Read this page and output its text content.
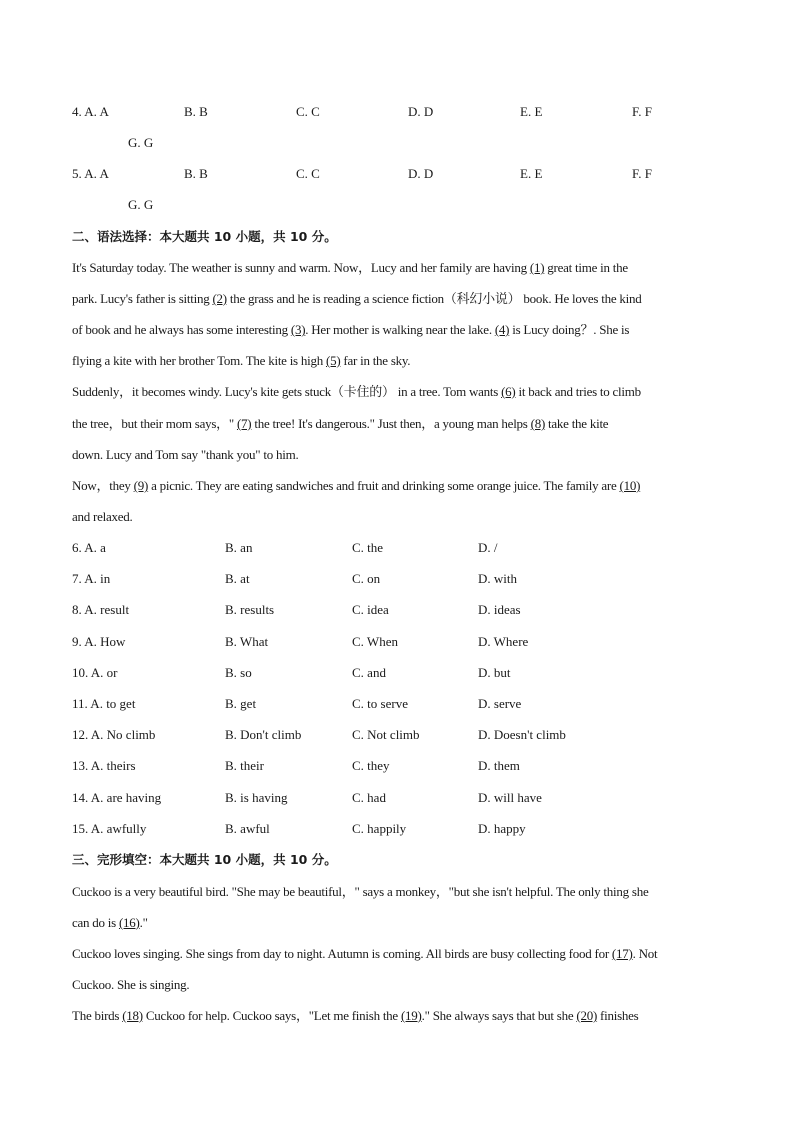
4. A. A	B. B	C. C	D. D	E. E	F. F
G. G
5. A. A	B. B	C. C	D. D	E. E	F. F
G. G
二、语法选择：本大题共 10 小题，共 10 分。
It's Saturday today. The weather is sunny and warm. Now，Lucy and her family are having (1) great time in the
park. Lucy's father is sitting (2) the grass and he is reading a science fiction（科幻小说） book. He loves the kind
of book and he always has some interesting (3). Her mother is walking near the lake. (4) is Lucy doing？. She is
flying a kite with her brother Tom. The kite is high (5) far in the sky.
Suddenly，it becomes windy. Lucy's kite gets stuck（卡住的） in a tree. Tom wants (6) it back and tries to climb
the tree，but their mom says，" (7) the tree! It's dangerous." Just then，a young man helps (8) take the kite
down. Lucy and Tom say "thank you" to him.
Now，they (9) a picnic. They are eating sandwiches and fruit and drinking some orange juice. The family are (10)
and relaxed.
6. A. a	B. an	C. the	D. /
7. A. in	B. at	C. on	D. with
8. A. result	B. results	C. idea	D. ideas
9. A. How	B. What	C. When	D. Where
10. A. or	B. so	C. and	D. but
11. A. to get	B. get	C. to serve	D. serve
12. A. No climb	B. Don't climb	C. Not climb	D. Doesn't climb
13. A. theirs	B. their	C. they	D. them
14. A. are having	B. is having	C. had	D. will have
15. A. awfully	B. awful	C. happily	D. happy
三、完形填空：本大题共 10 小题，共 10 分。
Cuckoo is a very beautiful bird. "She may be beautiful，" says a monkey，"but she isn't helpful. The only thing she
can do is (16)."
Cuckoo loves singing. She sings from day to night. Autumn is coming. All birds are busy collecting food for (17). Not
Cuckoo. She is singing.
The birds (18) Cuckoo for help. Cuckoo says，"Let me finish the (19)." She always says that but she (20) finishes
